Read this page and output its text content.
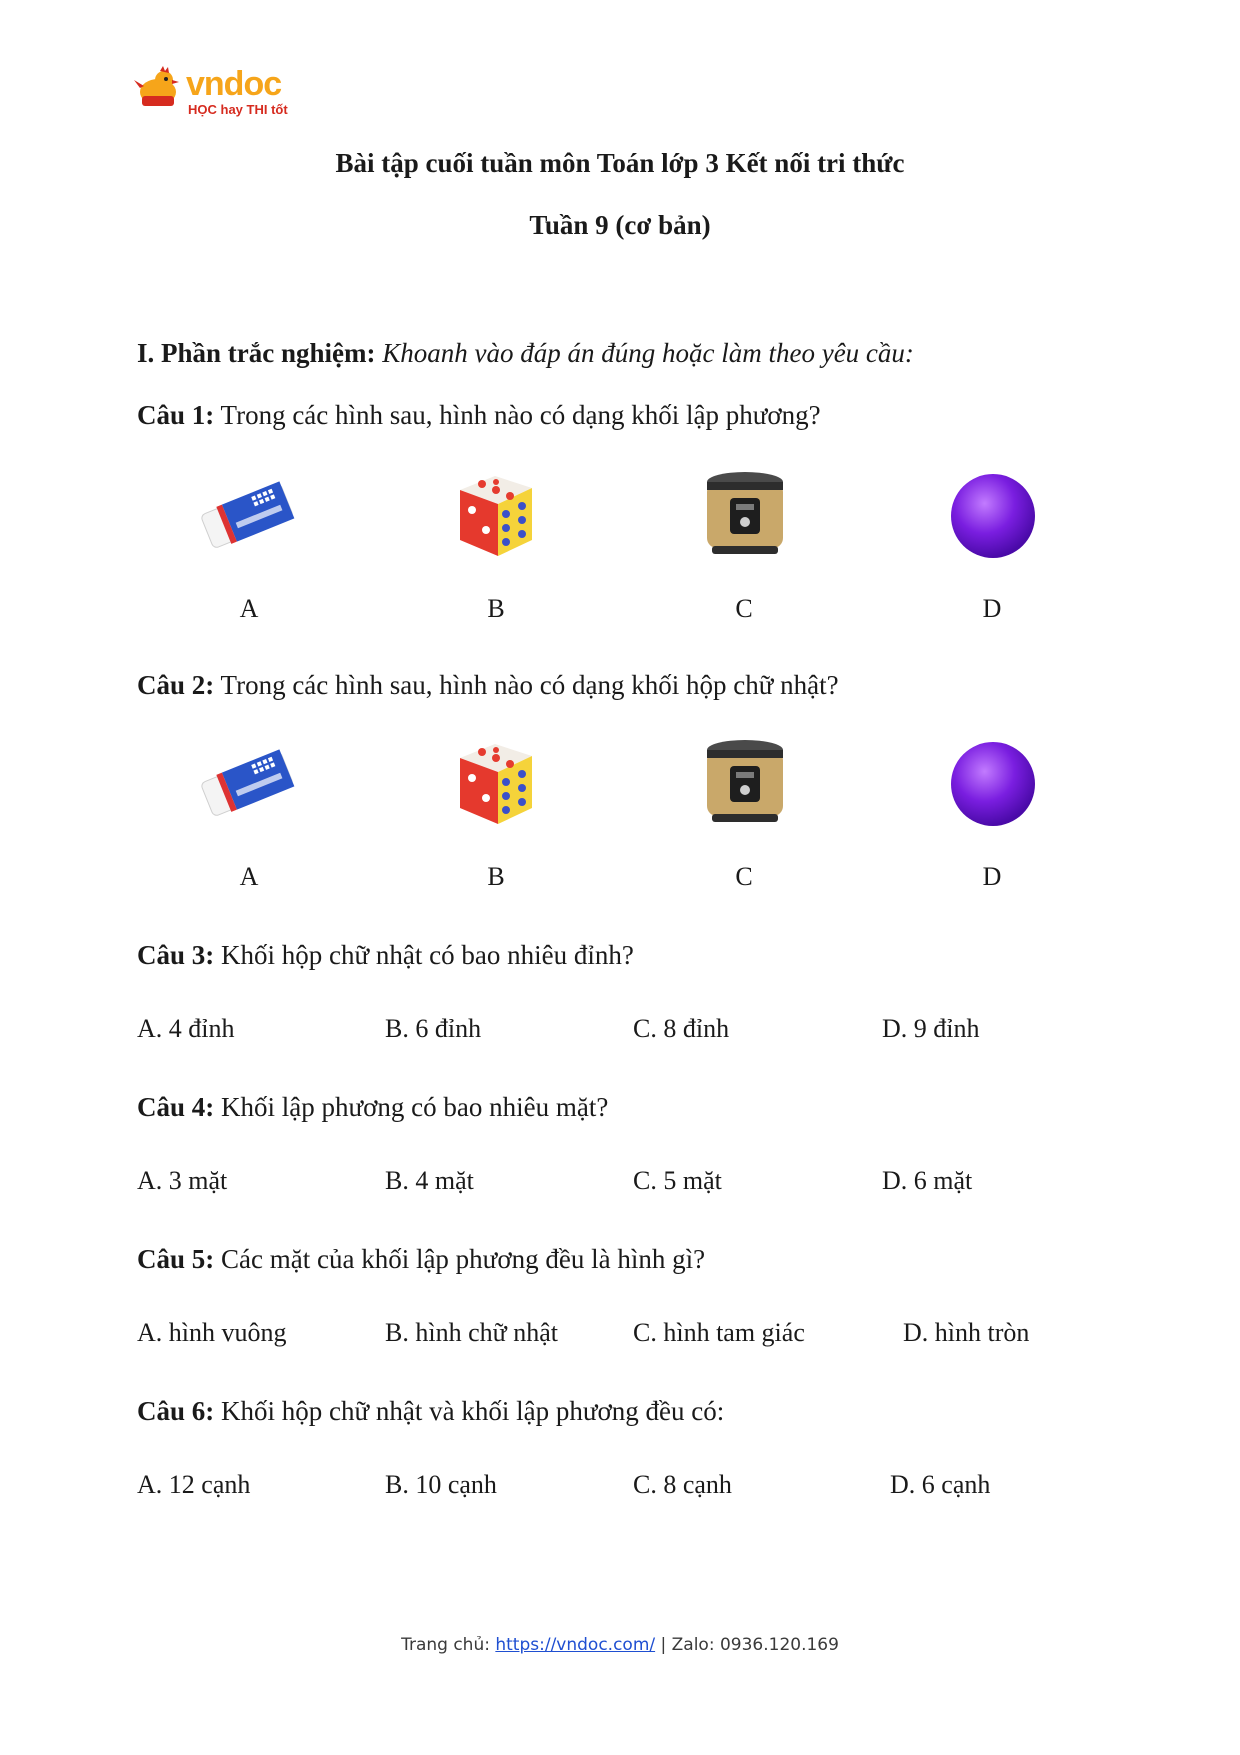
vndoc
HỌC hay THI tốt
Bài tập cuối tuần môn Toán lớp 3 Kết nối tri thức
Tuần 9 (cơ bản)
I. Phần trắc nghiệm: Khoanh vào đáp án đúng hoặc làm theo yêu cầu:
Câu 1: Trong các hình sau, hình nào có dạng khối lập phương?
A	B	C	D
Câu 2: Trong các hình sau, hình nào có dạng khối hộp chữ nhật?
A	B	C	D
Câu 3: Khối hộp chữ nhật có bao nhiêu đỉnh?
A. 4 đỉnh	B. 6 đỉnh	C. 8 đỉnh	D. 9 đỉnh
Câu 4: Khối lập phương có bao nhiêu mặt?
A. 3 mặt	B. 4 mặt	C. 5 mặt	D. 6 mặt
Câu 5: Các mặt của khối lập phương đều là hình gì?
A. hình vuông	B. hình chữ nhật	C. hình tam giác	D. hình tròn
Câu 6: Khối hộp chữ nhật và khối lập phương đều có:
A. 12 cạnh	B. 10 cạnh	C. 8 cạnh	D. 6 cạnh
Trang chủ: https://vndoc.com/ | Zalo: 0936.120.169
